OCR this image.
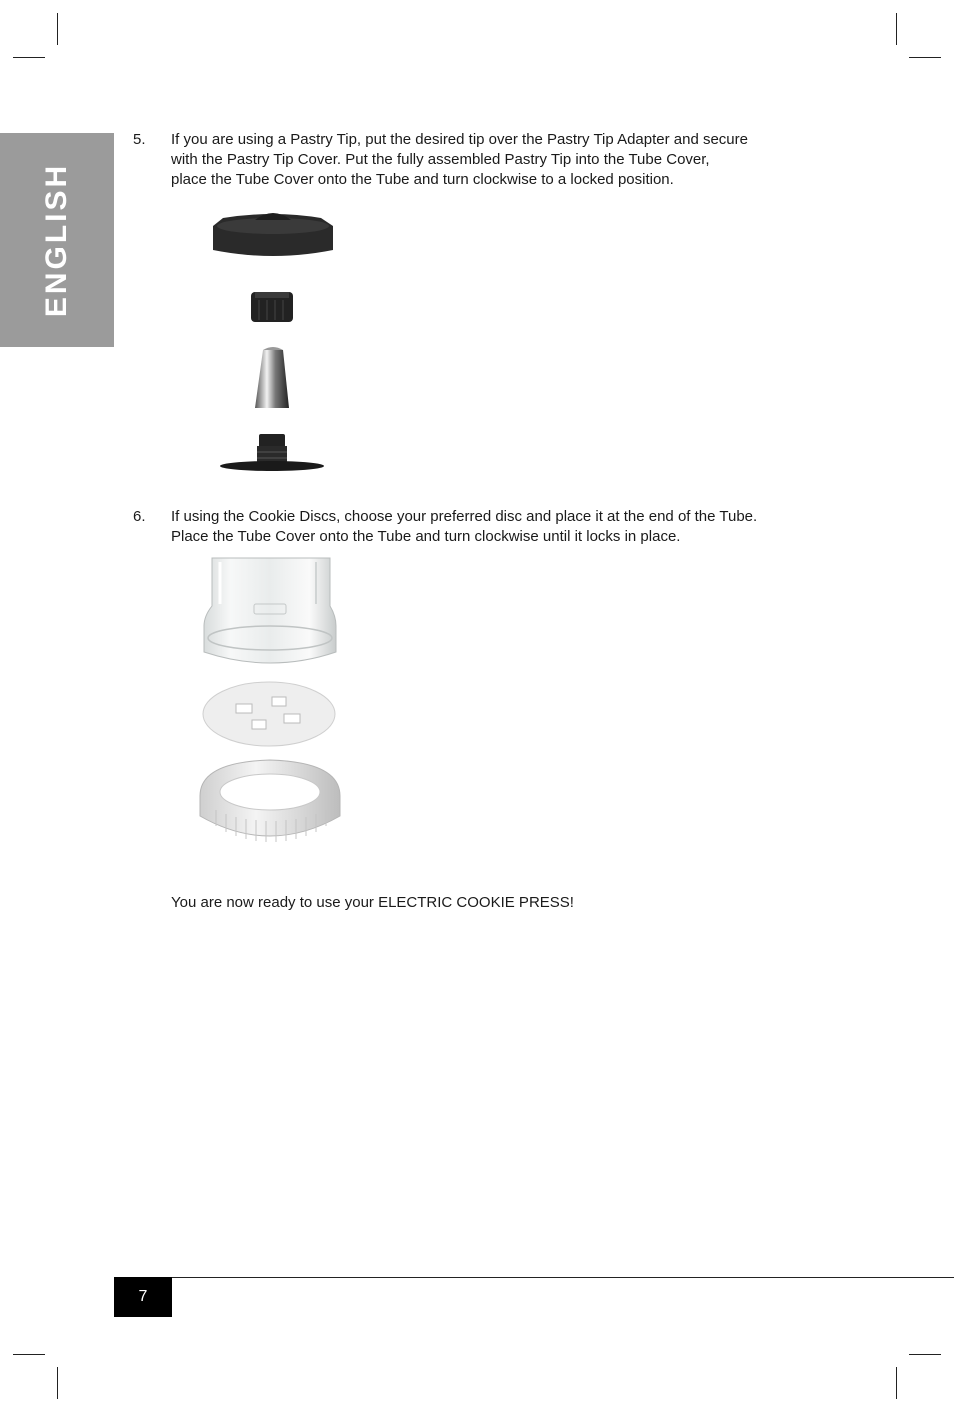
ENGLISH
5. If you are using a Pastry Tip, put the desired tip over the Pastry Tip Adapter and secure
with the Pastry Tip Cover. Put the fully assembled Pastry Tip into the Tube Cover,
place the Tube Cover onto the Tube and turn clockwise to a locked position.
6. If using the Cookie Discs, choose your preferred disc and place it at the end of the Tube.
Place the Tube Cover onto the Tube and turn clockwise until it locks in place.
You are now ready to use your ELECTRIC COOKIE PRESS!
7
